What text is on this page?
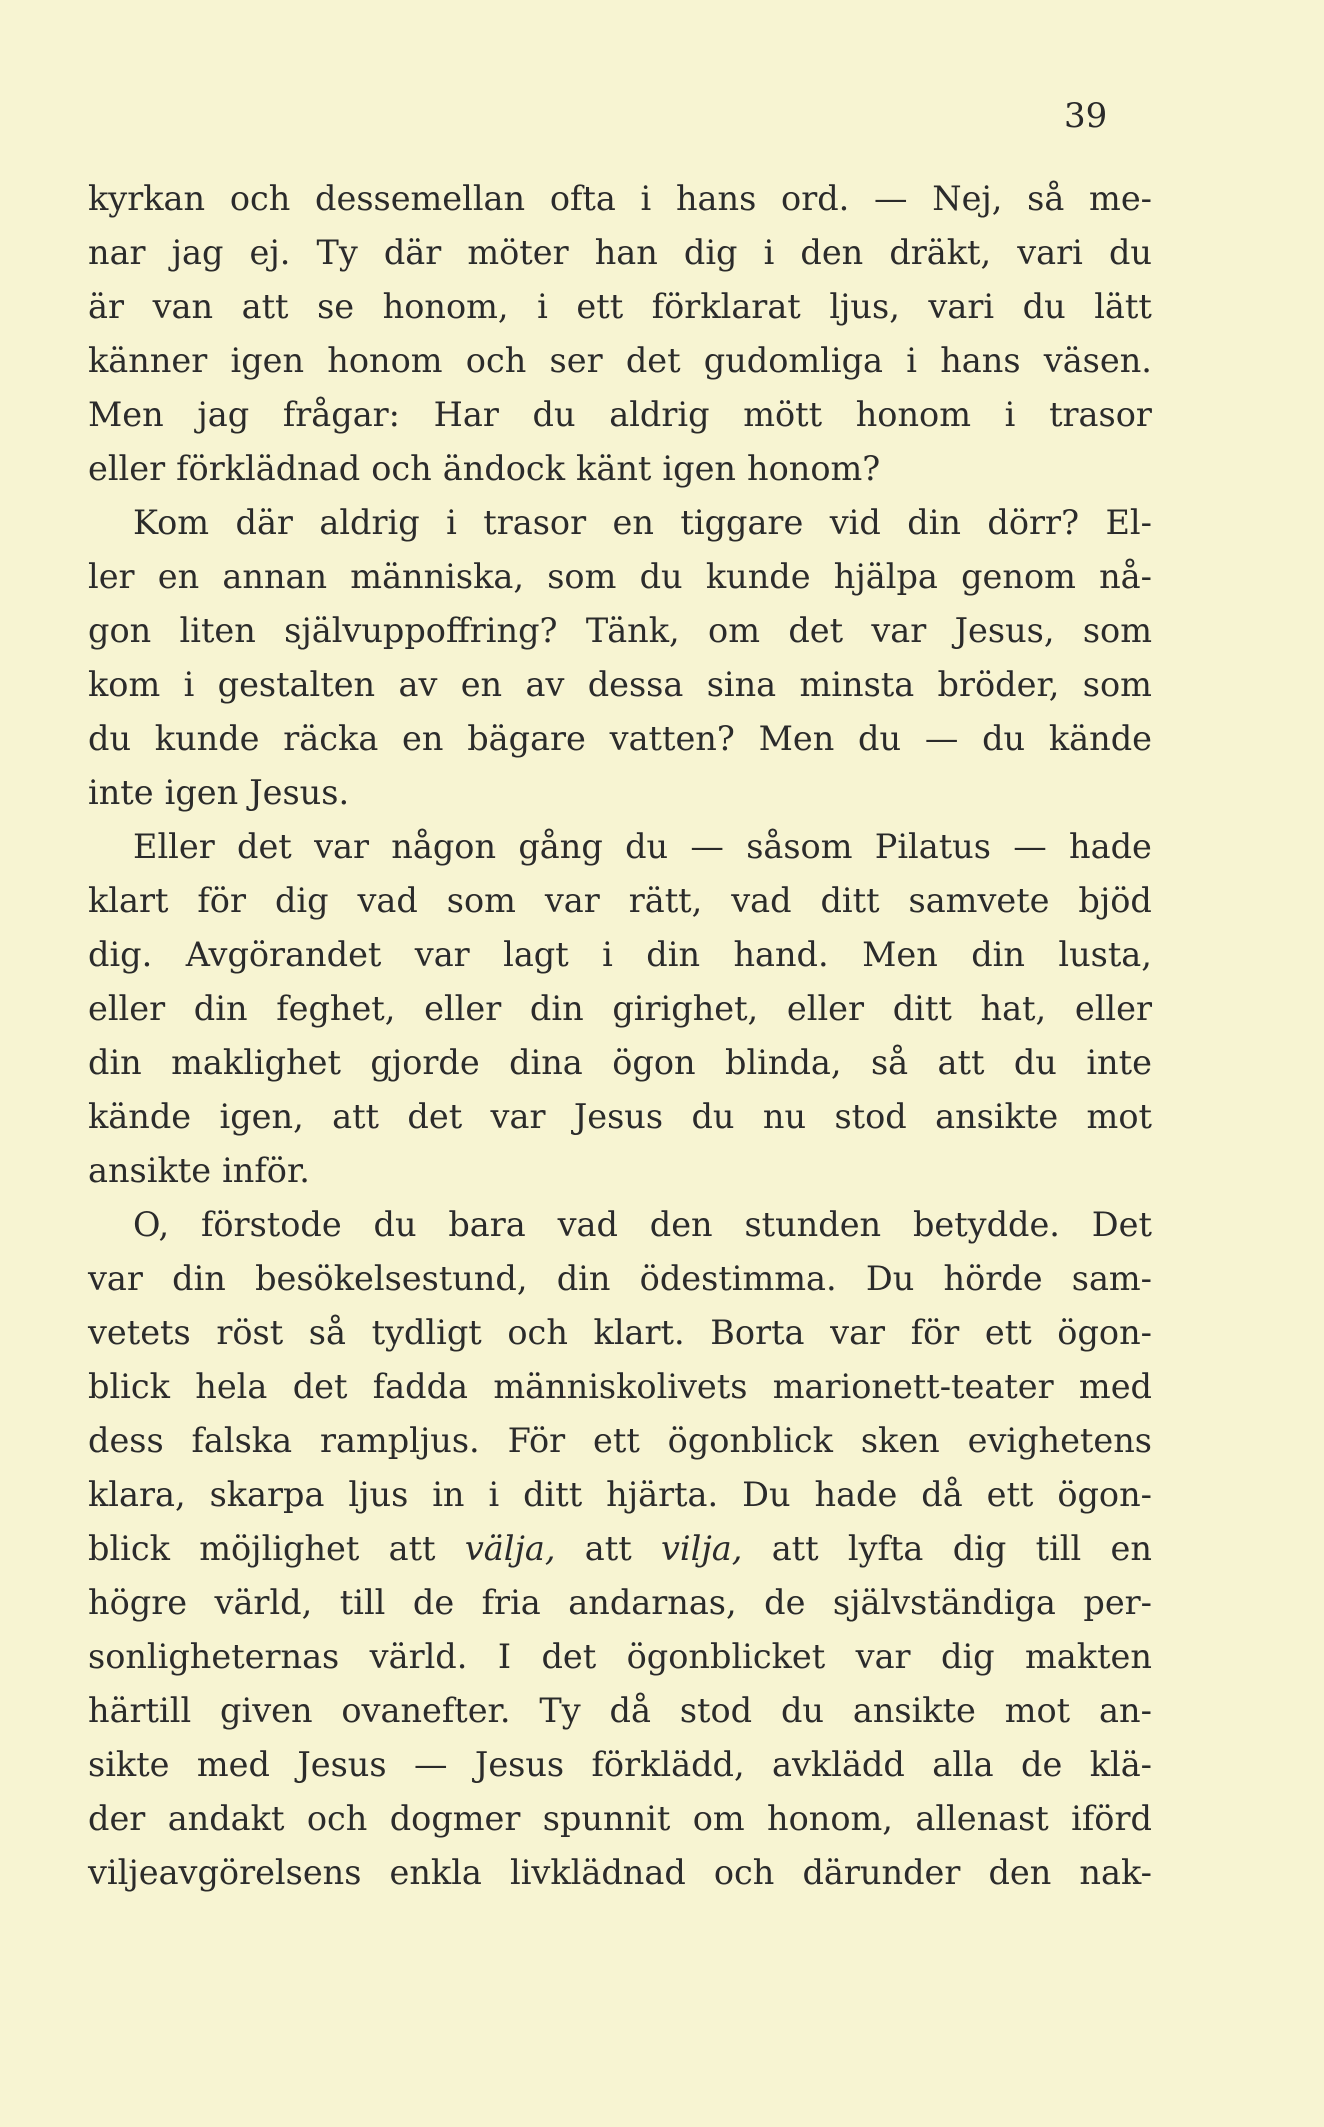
39
kyrkan och dessemellan ofta i hans ord. — Nej, så me-
nar jag ej. Ty där möter han dig i den dräkt, vari du
är van att se honom, i ett förklarat ljus, vari du lätt
känner igen honom och ser det gudomliga i hans väsen.
Men jag frågar: Har du aldrig mött honom i trasor
eller förklädnad och ändock känt igen honom?
Kom där aldrig i trasor en tiggare vid din dörr? El-
ler en annan människa, som du kunde hjälpa genom nå-
gon liten självuppoffring? Tänk, om det var Jesus, som
kom i gestalten av en av dessa sina minsta bröder, som
du kunde räcka en bägare vatten? Men du — du kände
inte igen Jesus.
Eller det var någon gång du — såsom Pilatus — hade
klart för dig vad som var rätt, vad ditt samvete bjöd
dig. Avgörandet var lagt i din hand. Men din lusta,
eller din feghet, eller din girighet, eller ditt hat, eller
din maklighet gjorde dina ögon blinda, så att du inte
kände igen, att det var Jesus du nu stod ansikte mot
ansikte inför.
O, förstode du bara vad den stunden betydde. Det
var din besökelsestund, din ödestimma. Du hörde sam-
vetets röst så tydligt och klart. Borta var för ett ögon-
blick hela det fadda människolivets marionett-teater med
dess falska rampljus. För ett ögonblick sken evighetens
klara, skarpa ljus in i ditt hjärta. Du hade då ett ögon-
blick möjlighet att välja, att vilja, att lyfta dig till en
högre värld, till de fria andarnas, de självständiga per-
sonligheternas värld. I det ögonblicket var dig makten
härtill given ovanefter. Ty då stod du ansikte mot an-
sikte med Jesus — Jesus förklädd, avklädd alla de klä-
der andakt och dogmer spunnit om honom, allenast iförd
viljeavgörelsens enkla livklädnad och därunder den nak-
